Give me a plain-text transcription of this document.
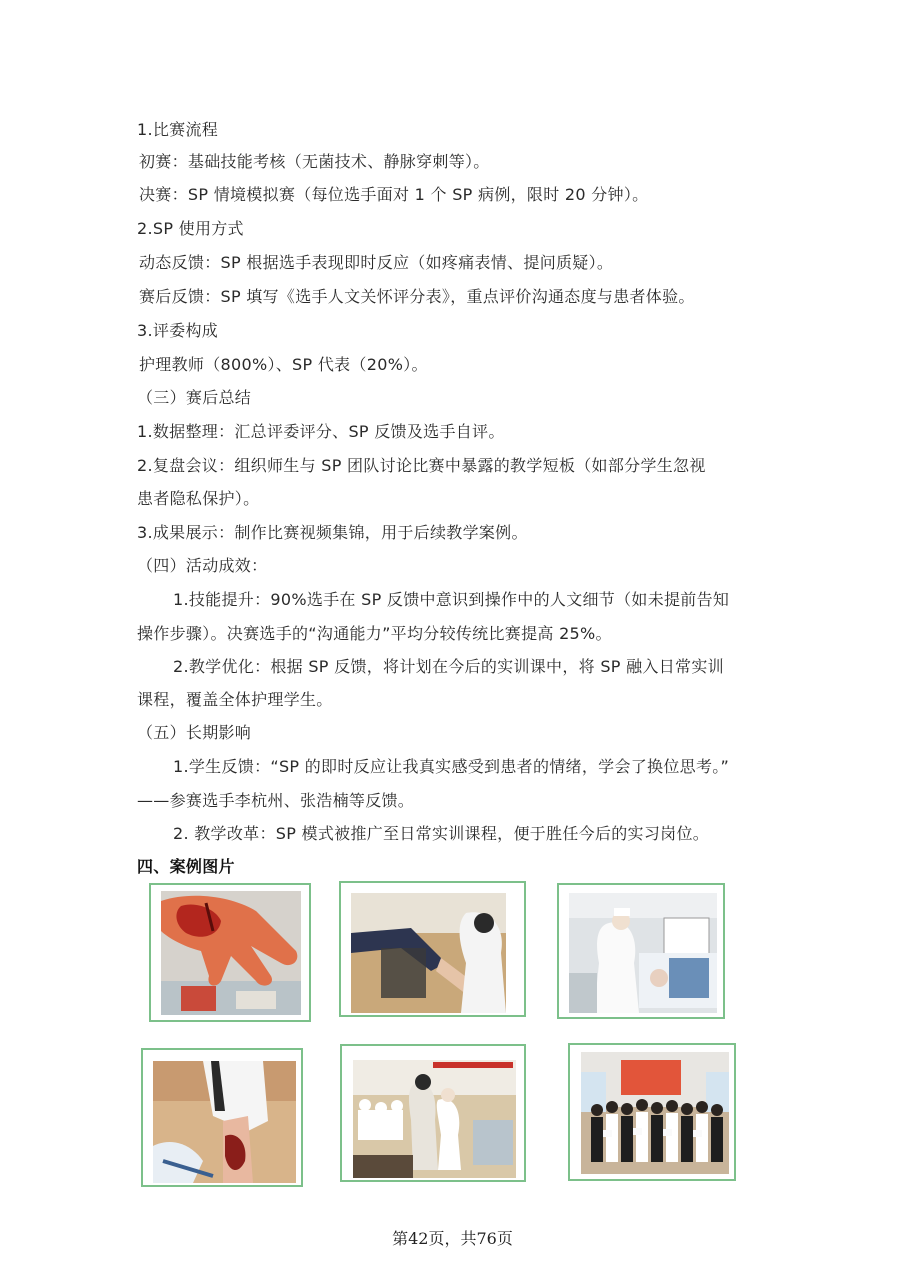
1.比赛流程
初赛：基础技能考核（无菌技术、静脉穿刺等）。
决赛：SP 情境模拟赛（每位选手面对 1 个 SP 病例，限时 20 分钟）。
2.SP 使用方式
动态反馈：SP 根据选手表现即时反应（如疼痛表情、提问质疑）。
赛后反馈：SP 填写《选手人文关怀评分表》，重点评价沟通态度与患者体验。
3.评委构成
护理教师（800%）、SP 代表（20%）。
（三）赛后总结
1.数据整理：汇总评委评分、SP 反馈及选手自评。
2.复盘会议：组织师生与 SP 团队讨论比赛中暴露的教学短板（如部分学生忽视
患者隐私保护）。
3.成果展示：制作比赛视频集锦，用于后续教学案例。
（四）活动成效：
1.技能提升：90%选手在 SP 反馈中意识到操作中的人文细节（如未提前告知
操作步骤）。决赛选手的“沟通能力”平均分较传统比赛提高 25%。
2.教学优化：根据 SP 反馈，将计划在今后的实训课中，将 SP 融入日常实训
课程，覆盖全体护理学生。
（五）长期影响
1.学生反馈：“SP 的即时反应让我真实感受到患者的情绪，学会了换位思考。”
——参赛选手李杭州、张浩楠等反馈。
2. 教学改革：SP 模式被推广至日常实训课程，便于胜任今后的实习岗位。
四、案例图片
第42页，共76页
